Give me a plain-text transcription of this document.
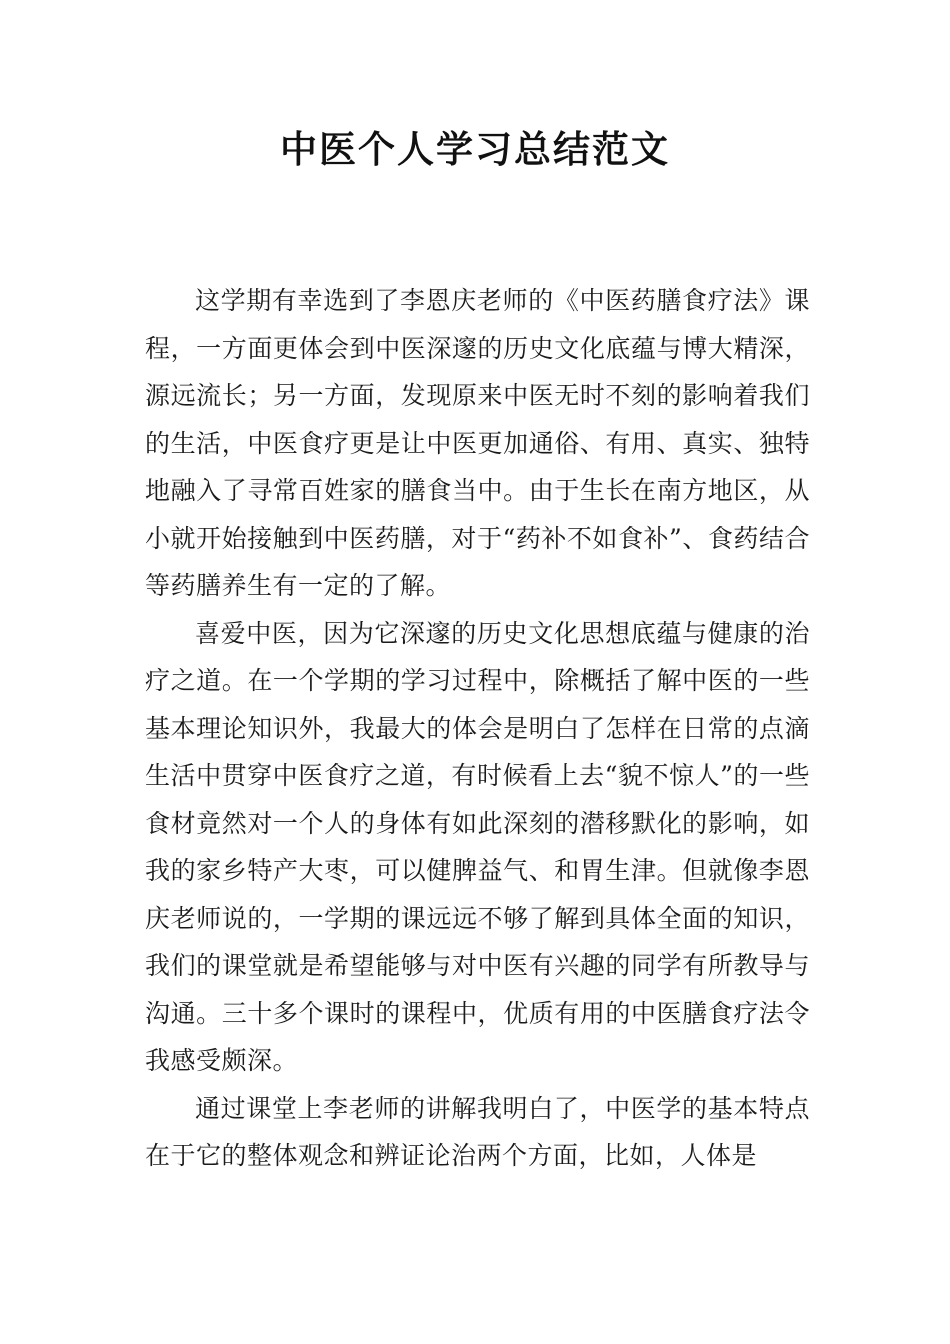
中医个人学习总结范文

这学期有幸选到了李恩庆老师的《中医药膳食疗法》课程，一方面更体会到中医深邃的历史文化底蕴与博大精深，源远流长；另一方面，发现原来中医无时不刻的影响着我们的生活，中医食疗更是让中医更加通俗、有用、真实、独特地融入了寻常百姓家的膳食当中。由于生长在南方地区，从小就开始接触到中医药膳，对于“药补不如食补”、食药结合等药膳养生有一定的了解。

喜爱中医，因为它深邃的历史文化思想底蕴与健康的治疗之道。在一个学期的学习过程中，除概括了解中医的一些基本理论知识外，我最大的体会是明白了怎样在日常的点滴生活中贯穿中医食疗之道，有时候看上去“貌不惊人”的一些食材竟然对一个人的身体有如此深刻的潜移默化的影响，如我的家乡特产大枣，可以健脾益气、和胃生津。但就像李恩庆老师说的，一学期的课远远不够了解到具体全面的知识，我们的课堂就是希望能够与对中医有兴趣的同学有所教导与沟通。三十多个课时的课程中，优质有用的中医膳食疗法令我感受颇深。

通过课堂上李老师的讲解我明白了，中医学的基本特点在于它的整体观念和辨证论治两个方面，比如，人体是
